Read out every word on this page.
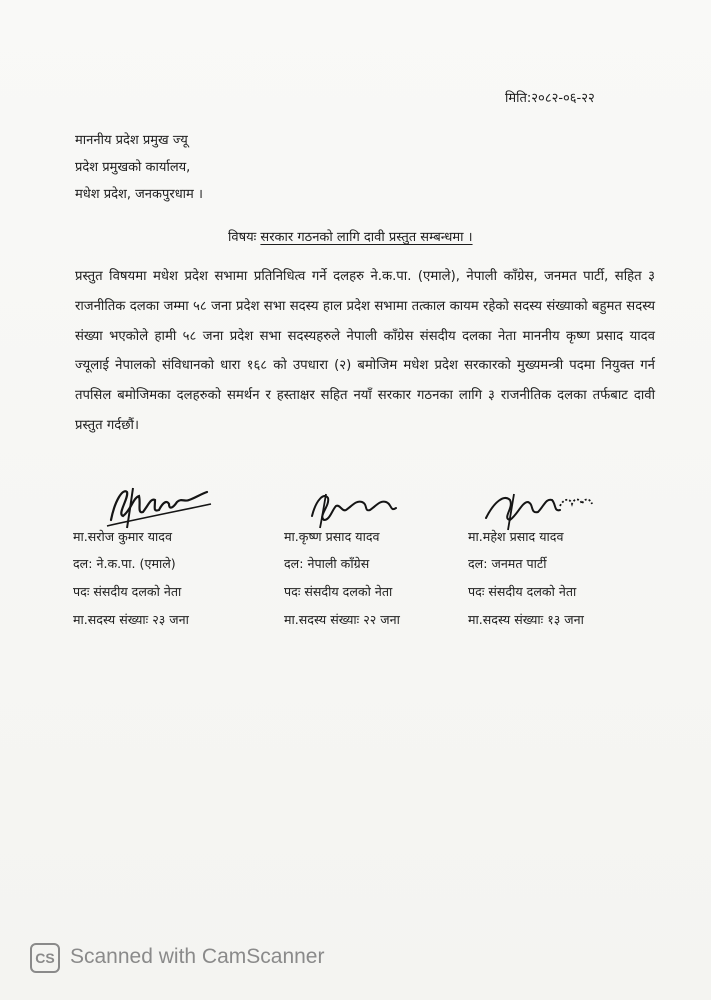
मिति:२०८२-०६-२२
माननीय प्रदेश प्रमुख ज्यू
प्रदेश प्रमुखको कार्यालय,
मधेश प्रदेश, जनकपुरधाम ।
विषयः सरकार गठनको लागि दावी प्रस्तुत सम्बन्धमा ।
प्रस्तुत विषयमा मधेश प्रदेश सभामा प्रतिनिधित्व गर्ने दलहरु ने.क.पा. (एमाले), नेपाली काँग्रेस, जनमत पार्टी, सहित ३ राजनीतिक दलका जम्मा ५८ जना प्रदेश सभा सदस्य हाल प्रदेश सभामा तत्काल कायम रहेको सदस्य संख्याको बहुमत सदस्य संख्या भएकोले हामी ५८ जना प्रदेश सभा सदस्यहरुले नेपाली काँग्रेस संसदीय दलका नेता माननीय कृष्ण प्रसाद यादव ज्यूलाई नेपालको संविधानको धारा १६८ को उपधारा (२) बमोजिम मधेश प्रदेश सरकारको मुख्यमन्त्री पदमा नियुक्त गर्न तपसिल बमोजिमका दलहरुको समर्थन र हस्ताक्षर सहित नयाँ सरकार गठनका लागि ३ राजनीतिक दलका तर्फबाट दावी प्रस्तुत गर्दछौं।
मा.सरोज कुमार यादव
दल: ने.क.पा. (एमाले)
पदः संसदीय दलको नेता
मा.सदस्य संख्याः २३ जना
मा.कृष्ण प्रसाद यादव
दल: नेपाली काँग्रेस
पदः संसदीय दलको नेता
मा.सदस्य संख्याः २२ जना
मा.महेश प्रसाद यादव
दल: जनमत पार्टी
पदः संसदीय दलको नेता
मा.सदस्य संख्याः १३ जना
CS Scanned with CamScanner
